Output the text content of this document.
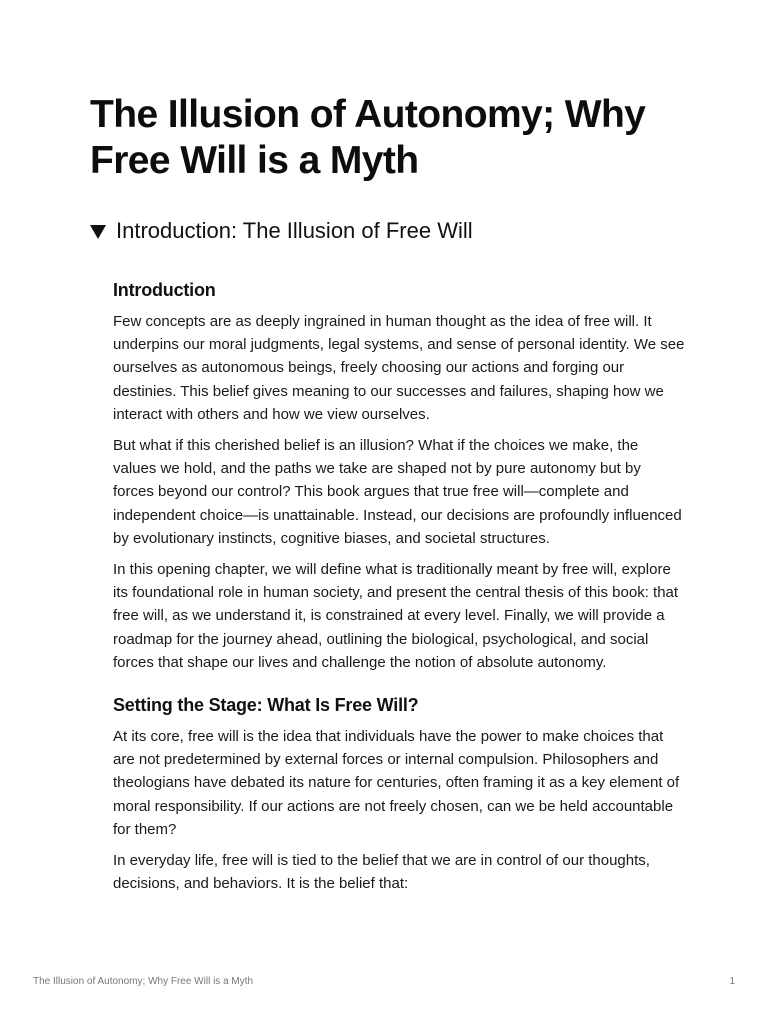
The Illusion of Autonomy; Why Free Will is a Myth
Introduction: The Illusion of Free Will
Introduction

Few concepts are as deeply ingrained in human thought as the idea of free will. It underpins our moral judgments, legal systems, and sense of personal identity. We see ourselves as autonomous beings, freely choosing our actions and forging our destinies. This belief gives meaning to our successes and failures, shaping how we interact with others and how we view ourselves.

But what if this cherished belief is an illusion? What if the choices we make, the values we hold, and the paths we take are shaped not by pure autonomy but by forces beyond our control? This book argues that true free will—complete and independent choice—is unattainable. Instead, our decisions are profoundly influenced by evolutionary instincts, cognitive biases, and societal structures.

In this opening chapter, we will define what is traditionally meant by free will, explore its foundational role in human society, and present the central thesis of this book: that free will, as we understand it, is constrained at every level. Finally, we will provide a roadmap for the journey ahead, outlining the biological, psychological, and social forces that shape our lives and challenge the notion of absolute autonomy.

Setting the Stage: What Is Free Will?

At its core, free will is the idea that individuals have the power to make choices that are not predetermined by external forces or internal compulsion. Philosophers and theologians have debated its nature for centuries, often framing it as a key element of moral responsibility. If our actions are not freely chosen, can we be held accountable for them?

In everyday life, free will is tied to the belief that we are in control of our thoughts, decisions, and behaviors. It is the belief that:

The Illusion of Autonomy; Why Free Will is a Myth	1
